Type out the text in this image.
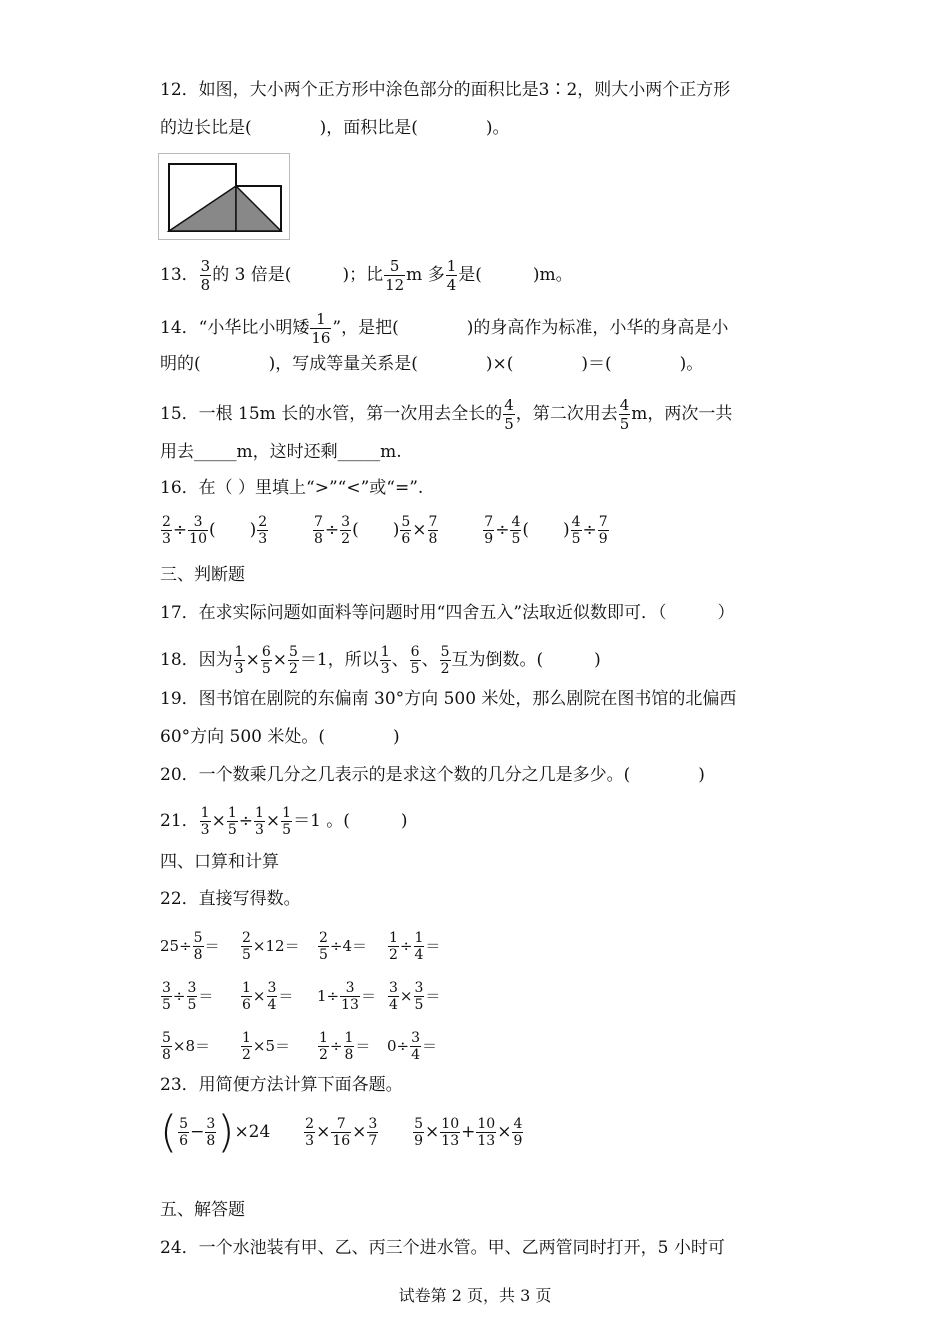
12．如图，大小两个正方形中涂色部分的面积比是3∶2，则大小两个正方形
的边长比是(　　　　)，面积比是(　　　　)。
13． $\frac{3}{8}$ 的 3 倍是(　　　)；比 $\frac{5}{12}$ m 多 $\frac{1}{4}$ 是(　　　)m。
14．“小华比小明矮 $\frac{1}{16}$ ”，是把(　　　　)的身高作为标准，小华的身高是小
明的(　　　　)，写成等量关系是(　　　　)×(　　　　)＝(　　　　)。
15．一根 15m 长的水管，第一次用去全长的 $\frac{4}{5}$ ，第二次用去 $\frac{4}{5}$ m，两次一共
用去_____m，这时还剩_____m.
16．在（ ）里填上“>”“<”或“=”.
$\frac{2}{3} \div \frac{3}{10}$ (　　) $\frac{2}{3}$
	$\frac{7}{8} \div \frac{3}{2}$ (　　) $\frac{5}{6} \times \frac{7}{8}$
	$\frac{7}{9} \div \frac{4}{5}$ (　　) $\frac{4}{5} \div \frac{7}{9}$
三、判断题
17．在求实际问题如面料等问题时用“四舍五入”法取近似数即可．（　　　）
18．因为 $\frac{1}{3} \times \frac{6}{5} \times \frac{5}{2} =1$，所以 $\frac{1}{3}$ 、 $\frac{6}{5}$ 、 $\frac{5}{2}$ 互为倒数。(　　　)
19．图书馆在剧院的东偏南 30°方向 500 米处，那么剧院在图书馆的北偏西
60°方向 500 米处。(　　　　)
20．一个数乘几分之几表示的是求这个数的几分之几是多少。(　　　　)
21． $\frac{1}{3} \times \frac{1}{5} \div \frac{1}{3} \times \frac{1}{5} =1$ 。(　　　)
四、口算和计算
22．直接写得数。
$25\div \frac{5}{8} = \frac{2}{5} \times 12= \frac{2}{5} \div 4= \frac{1}{2} \div \frac{1}{4}$ ＝
$\frac{3}{5} \div \frac{3}{5} = \frac{1}{6} \times \frac{3}{4} = 1\div \frac{3}{13} = \frac{3}{4} \times \frac{3}{5}$ ＝
$\frac{5}{8} \times 8= \frac{1}{2} \times 5= \frac{1}{2} \div \frac{1}{8} = 0\div \frac{3}{4}$ ＝
23．用简便方法计算下面各题。
( $\frac{5}{6} - \frac{3}{8} )\times 24 \frac{2}{3} \times \frac{7}{16} \times \frac{3}{7}$
$\frac{5}{9} \times \frac{10}{13} + \frac{10}{13} \times \frac{4}{9}$
五、解答题
24．一个水池装有甲、乙、丙三个进水管。甲、乙两管同时打开，5 小时可
试卷第 2 页，共 3 页
